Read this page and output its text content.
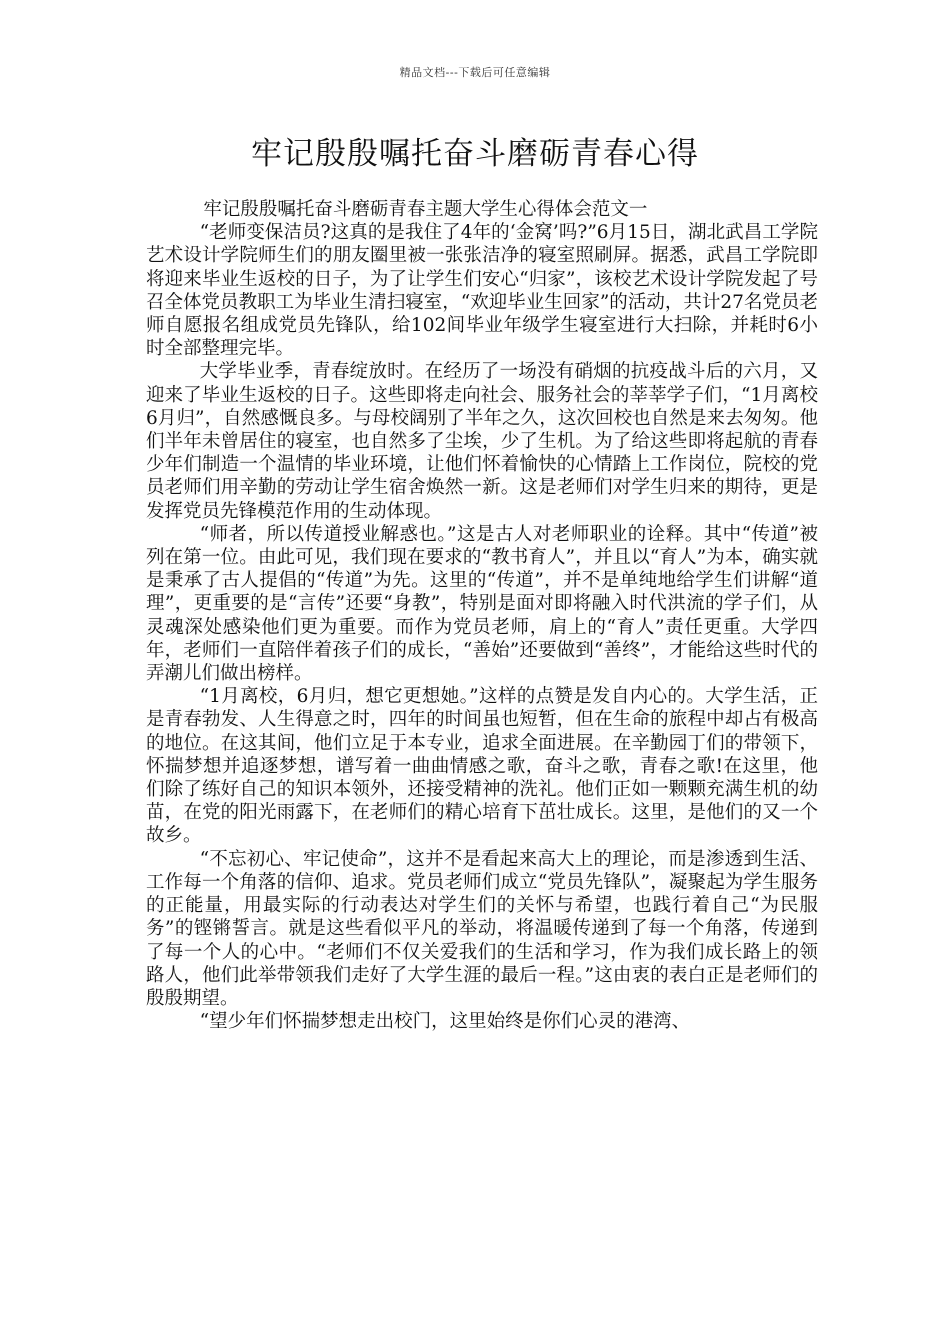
精品文档---下载后可任意编辑
牢记殷殷嘱托奋斗磨砺青春心得

牢记殷殷嘱托奋斗磨砺青春主题大学生心得体会范文一

“老师变保洁员?这真的是我住了4年的‘金窝’吗?”6月15日，湖北武昌工学院艺术设计学院师生们的朋友圈里被一张张洁净的寝室照刷屏。据悉，武昌工学院即将迎来毕业生返校的日子，为了让学生们安心“归家”，该校艺术设计学院发起了号召全体党员教职工为毕业生清扫寝室，“欢迎毕业生回家”的活动，共计27名党员老师自愿报名组成党员先锋队，给102间毕业年级学生寝室进行大扫除，并耗时6小时全部整理完毕。

大学毕业季，青春绽放时。在经历了一场没有硝烟的抗疫战斗后的六月，又迎来了毕业生返校的日子。这些即将走向社会、服务社会的莘莘学子们，“1月离校6月归”，自然感慨良多。与母校阔别了半年之久，这次回校也自然是来去匆匆。他们半年未曾居住的寝室，也自然多了尘埃，少了生机。为了给这些即将起航的青春少年们制造一个温情的毕业环境，让他们怀着愉快的心情踏上工作岗位，院校的党员老师们用辛勤的劳动让学生宿舍焕然一新。这是老师们对学生归来的期待，更是发挥党员先锋模范作用的生动体现。

“师者，所以传道授业解惑也。”这是古人对老师职业的诠释。其中“传道”被列在第一位。由此可见，我们现在要求的“教书育人”，并且以“育人”为本，确实就是秉承了古人提倡的“传道”为先。这里的“传道”，并不是单纯地给学生们讲解“道理”，更重要的是“言传”还要“身教”，特别是面对即将融入时代洪流的学子们，从灵魂深处感染他们更为重要。而作为党员老师，肩上的“育人”责任更重。大学四年，老师们一直陪伴着孩子们的成长，“善始”还要做到“善终”，才能给这些时代的弄潮儿们做出榜样。

“1月离校，6月归，想它更想她。”这样的点赞是发自内心的。大学生活，正是青春勃发、人生得意之时，四年的时间虽也短暂，但在生命的旅程中却占有极高的地位。在这其间，他们立足于本专业，追求全面进展。在辛勤园丁们的带领下，怀揣梦想并追逐梦想，谱写着一曲曲情感之歌，奋斗之歌，青春之歌!在这里，他们除了练好自己的知识本领外，还接受精神的洗礼。他们正如一颗颗充满生机的幼苗，在党的阳光雨露下，在老师们的精心培育下茁壮成长。这里，是他们的又一个故乡。

“不忘初心、牢记使命”，这并不是看起来高大上的理论，而是渗透到生活、工作每一个角落的信仰、追求。党员老师们成立“党员先锋队”，凝聚起为学生服务的正能量，用最实际的行动表达对学生们的关怀与希望，也践行着自己“为民服务”的铿锵誓言。就是这些看似平凡的举动，将温暖传递到了每一个角落，传递到了每一个人的心中。“老师们不仅关爱我们的生活和学习，作为我们成长路上的领路人，他们此举带领我们走好了大学生涯的最后一程。”这由衷的表白正是老师们的殷殷期望。

“望少年们怀揣梦想走出校门，这里始终是你们心灵的港湾、
